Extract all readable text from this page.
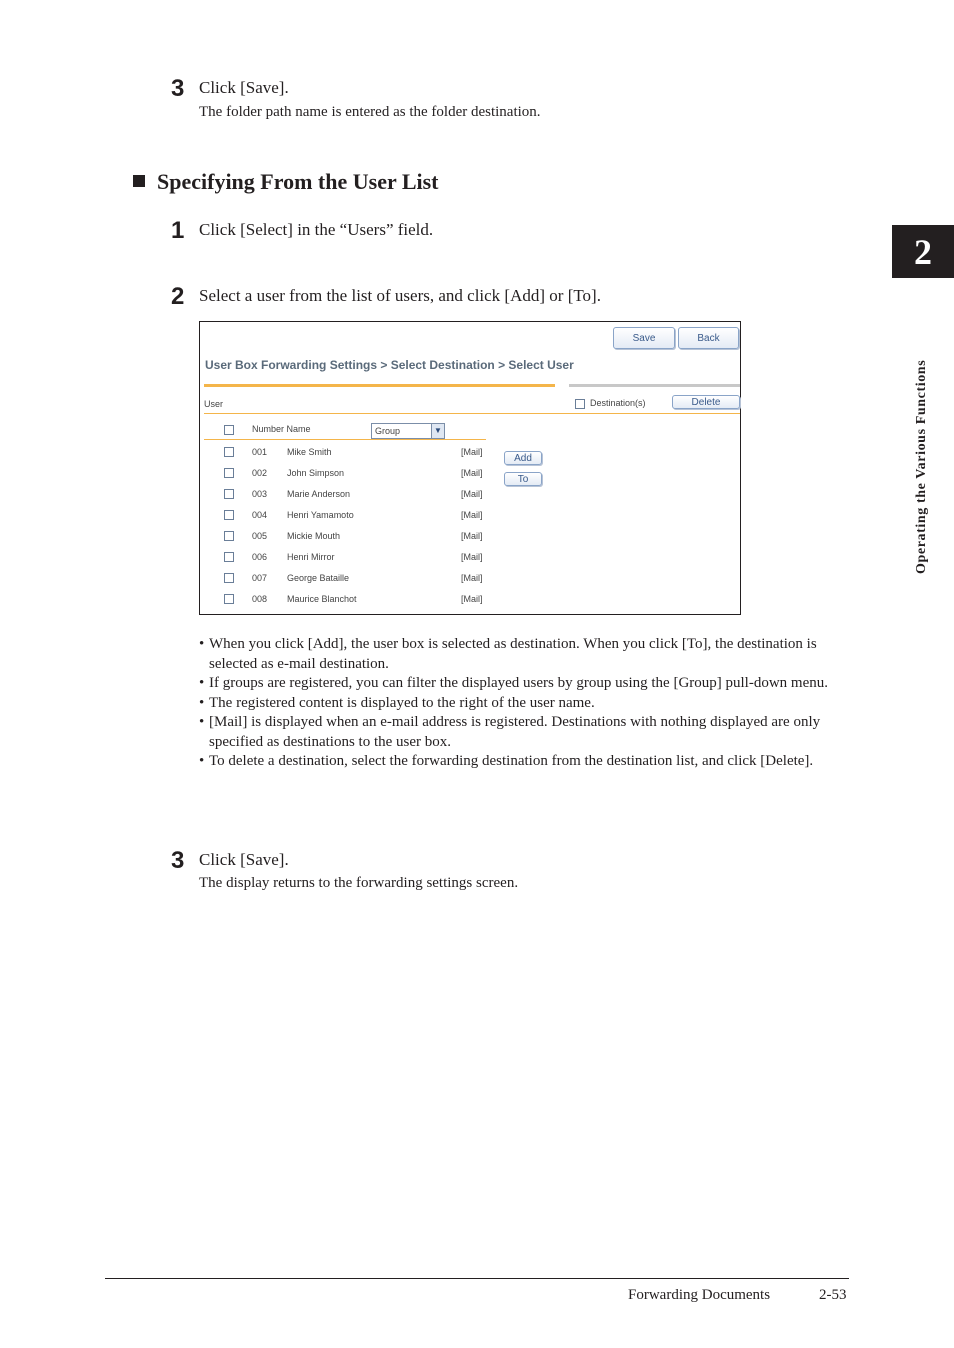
3 Click [Save].
The folder path name is entered as the folder destination.
Specifying From the User List
1 Click [Select] in the “Users” field.
2 Select a user from the list of users, and click [Add] or [To].
Save	Back
User Box Forwarding Settings > Select Destination > Select User
User	Destination(s)	Delete
Number Name	Group	▼
Add
To
001 Mike Smith	[Mail]
002 John Simpson	[Mail]
003 Marie Anderson	[Mail]
004 Henri Yamamoto	[Mail]
005 Mickie Mouth	[Mail]
006 Henri Mirror	[Mail]
007 George Bataille	[Mail]
008 Maurice Blanchot	[Mail]
• When you click [Add], the user box is selected as destination. When you click [To], the destination is selected as e-mail destination.
• If groups are registered, you can filter the displayed users by group using the [Group] pull-down menu.
• The registered content is displayed to the right of the user name.
• [Mail] is displayed when an e-mail address is registered. Destinations with nothing displayed are only specified as destinations to the user box.
• To delete a destination, select the forwarding destination from the destination list, and click [Delete].
3 Click [Save].
The display returns to the forwarding settings screen.
2
Operating the Various Functions
Forwarding Documents	2-53
